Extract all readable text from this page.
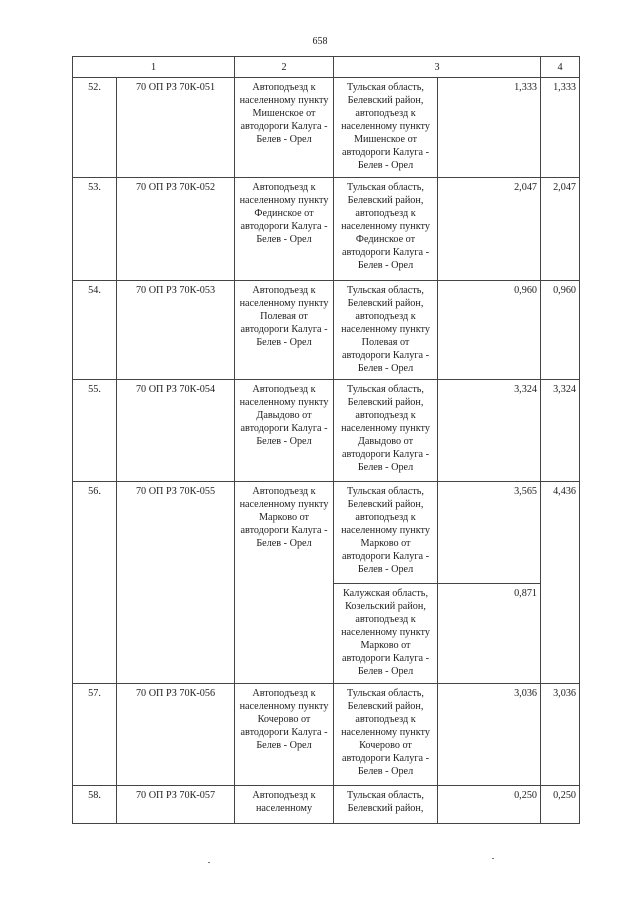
658
1		2	3		4
52.	70 ОП РЗ 70К-051	Автоподъезд к населенному пункту Мишенское от автодороги Калуга - Белев - Орел	Тульская область, Белевский район, автоподъезд к населенному пункту Мишенское от автодороги Калуга - Белев - Орел	1,333	1,333
53.	70 ОП РЗ 70К-052	Автоподъезд к населенному пункту Фединское от автодороги Калуга - Белев - Орел	Тульская область, Белевский район, автоподъезд к населенному пункту Фединское от автодороги Калуга - Белев - Орел	2,047	2,047
54.	70 ОП РЗ 70К-053	Автоподъезд к населенному пункту Полевая от автодороги Калуга - Белев - Орел	Тульская область, Белевский район, автоподъезд к населенному пункту Полевая от автодороги Калуга - Белев - Орел	0,960	0,960
55.	70 ОП РЗ 70К-054	Автоподъезд к населенному пункту Давыдово от автодороги Калуга - Белев - Орел	Тульская область, Белевский район, автоподъезд к населенному пункту Давыдово от автодороги Калуга - Белев - Орел	3,324	3,324
56.	70 ОП РЗ 70К-055	Автоподъезд к населенному пункту Марково от автодороги Калуга - Белев - Орел	Тульская область, Белевский район, автоподъезд к населенному пункту Марково от автодороги Калуга - Белев - Орел	3,565	4,436

			Калужская область, Козельский район, автоподъезд к населенному пункту Марково от автодороги Калуга - Белев - Орел	0,871	
57.	70 ОП РЗ 70К-056	Автоподъезд к населенному пункту Кочерово от автодороги Калуга - Белев - Орел	Тульская область, Белевский район, автоподъезд к населенному пункту Кочерово от автодороги Калуга - Белев - Орел	3,036	3,036
58.	70 ОП РЗ 70К-057	Автоподъезд к населенному	Тульская область, Белевский район,	0,250	0,250
